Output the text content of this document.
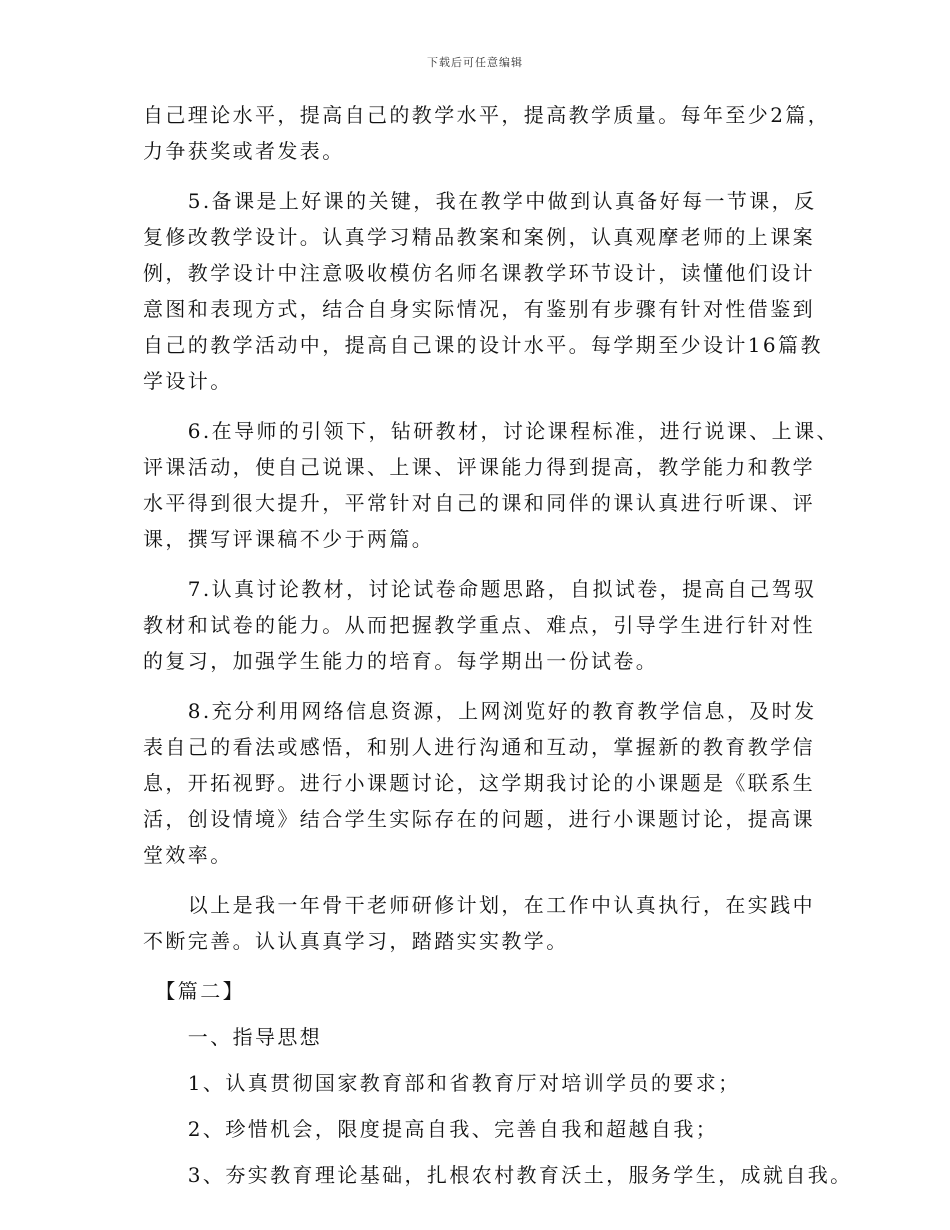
下载后可任意编辑
自己理论水平，提高自己的教学水平，提高教学质量。每年至少2篇，
力争获奖或者发表。
　　5.备课是上好课的关键，我在教学中做到认真备好每一节课，反
复修改教学设计。认真学习精品教案和案例，认真观摩老师的上课案
例，教学设计中注意吸收模仿名师名课教学环节设计，读懂他们设计
意图和表现方式，结合自身实际情况，有鉴别有步骤有针对性借鉴到
自己的教学活动中，提高自己课的设计水平。每学期至少设计16篇教
学设计。
　　6.在导师的引领下，钻研教材，讨论课程标准，进行说课、上课、
评课活动，使自己说课、上课、评课能力得到提高，教学能力和教学
水平得到很大提升，平常针对自己的课和同伴的课认真进行听课、评
课，撰写评课稿不少于两篇。
　　7.认真讨论教材，讨论试卷命题思路，自拟试卷，提高自己驾驭
教材和试卷的能力。从而把握教学重点、难点，引导学生进行针对性
的复习，加强学生能力的培育。每学期出一份试卷。
　　8.充分利用网络信息资源，上网浏览好的教育教学信息，及时发
表自己的看法或感悟，和别人进行沟通和互动，掌握新的教育教学信
息，开拓视野。进行小课题讨论，这学期我讨论的小课题是《联系生
活，创设情境》结合学生实际存在的问题，进行小课题讨论，提高课
堂效率。
　　以上是我一年骨干老师研修计划，在工作中认真执行，在实践中
不断完善。认认真真学习，踏踏实实教学。
　【篇二】
　　一、指导思想
　　1、认真贯彻国家教育部和省教育厅对培训学员的要求；
　　2、珍惜机会，限度提高自我、完善自我和超越自我；
　　3、夯实教育理论基础，扎根农村教育沃土，服务学生，成就自我。
